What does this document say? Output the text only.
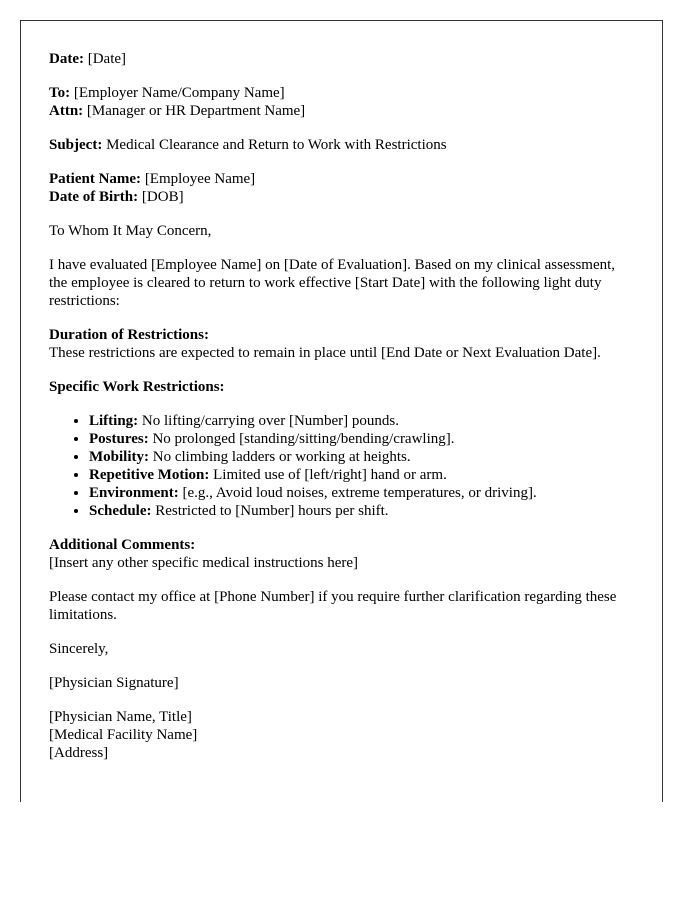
Date: [Date]

To: [Employer Name/Company Name]
Attn: [Manager or HR Department Name]

Subject: Medical Clearance and Return to Work with Restrictions

Patient Name: [Employee Name]
Date of Birth: [DOB]

To Whom It May Concern,

I have evaluated [Employee Name] on [Date of Evaluation]. Based on my clinical assessment, the employee is cleared to return to work effective [Start Date] with the following light duty restrictions:

Duration of Restrictions:
These restrictions are expected to remain in place until [End Date or Next Evaluation Date].

Specific Work Restrictions:

• Lifting: No lifting/carrying over [Number] pounds.
• Postures: No prolonged [standing/sitting/bending/crawling].
• Mobility: No climbing ladders or working at heights.
• Repetitive Motion: Limited use of [left/right] hand or arm.
• Environment: [e.g., Avoid loud noises, extreme temperatures, or driving].
• Schedule: Restricted to [Number] hours per shift.

Additional Comments:
[Insert any other specific medical instructions here]

Please contact my office at [Phone Number] if you require further clarification regarding these limitations.

Sincerely,

[Physician Signature]

[Physician Name, Title]
[Medical Facility Name]
[Address]
